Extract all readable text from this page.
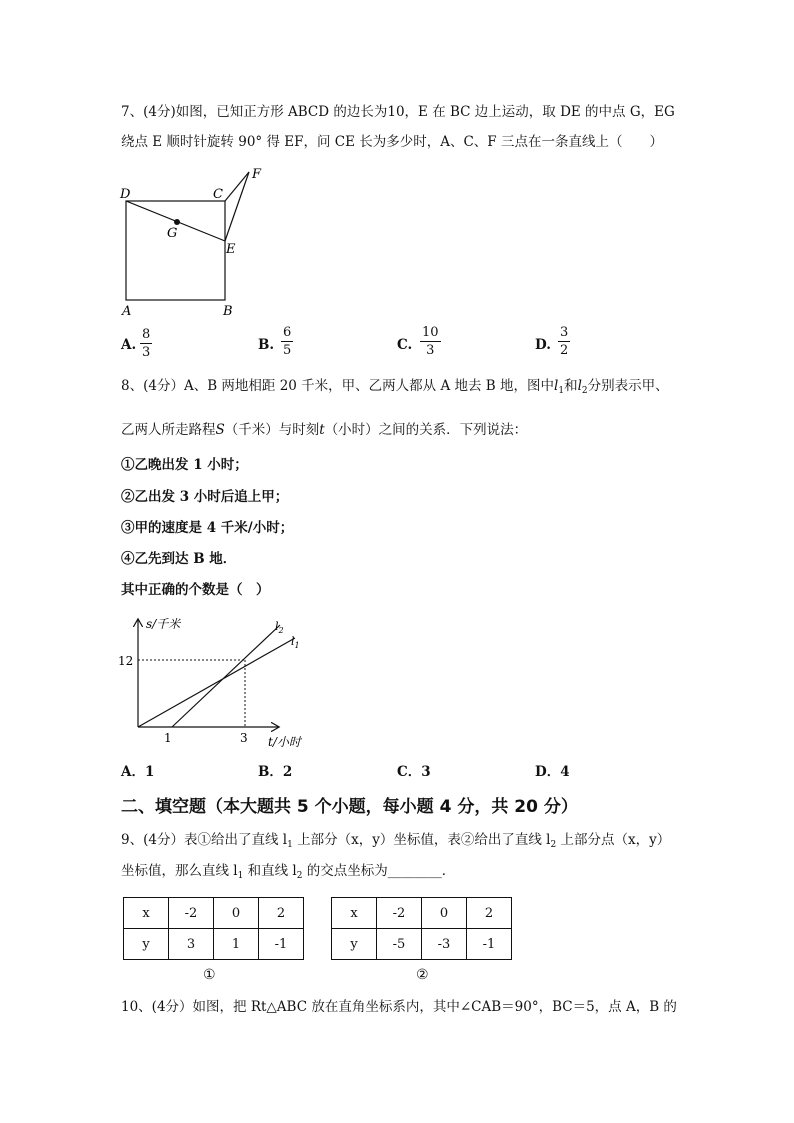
7、(4分)如图，已知正方形 ABCD 的边长为10，E 在 BC 边上运动，取 DE 的中点 G，EG
绕点 E 顺时针旋转 90° 得 EF，问 CE 长为多少时，A、C、F 三点在一条直线上（　　）
D	C
F
G
E
A	B
A. $\frac{8}{3}$	B. $\frac{6}{5}$	C. $\frac{10}{3}$	D. $\frac{3}{2}$
8、(4分）A、B 两地相距 20 千米，甲、乙两人都从 A 地去 B 地，图中$l_1$和$l_2$分别表示甲、
乙两人所走路程S（千米）与时刻t（小时）之间的关系．下列说法：
①乙晚出发 1 小时；
②乙出发 3 小时后追上甲；
③甲的速度是 4 千米/小时；
④乙先到达 B 地．
其中正确的个数是（　）
s/千米
t/小时
12
1	3
$l_2$
$l_1$
A．1	B．2	C．3	D．4
二、填空题（本大题共 5 个小题，每小题 4 分，共 20 分）
9、(4分）表①给出了直线 $l_1$ 上部分（x，y）坐标值，表②给出了直线 $l_2$ 上部分点（x，y）
坐标值，那么直线 $l_1$ 和直线 $l_2$ 的交点坐标为________．
x	-2	0	2
y	3	1	-1
①
x	-2	0	2
y	-5	-3	-1
②
10、(4分）如图，把 Rt△ABC 放在直角坐标系内，其中∠CAB＝90°，BC＝5，点 A，B 的
